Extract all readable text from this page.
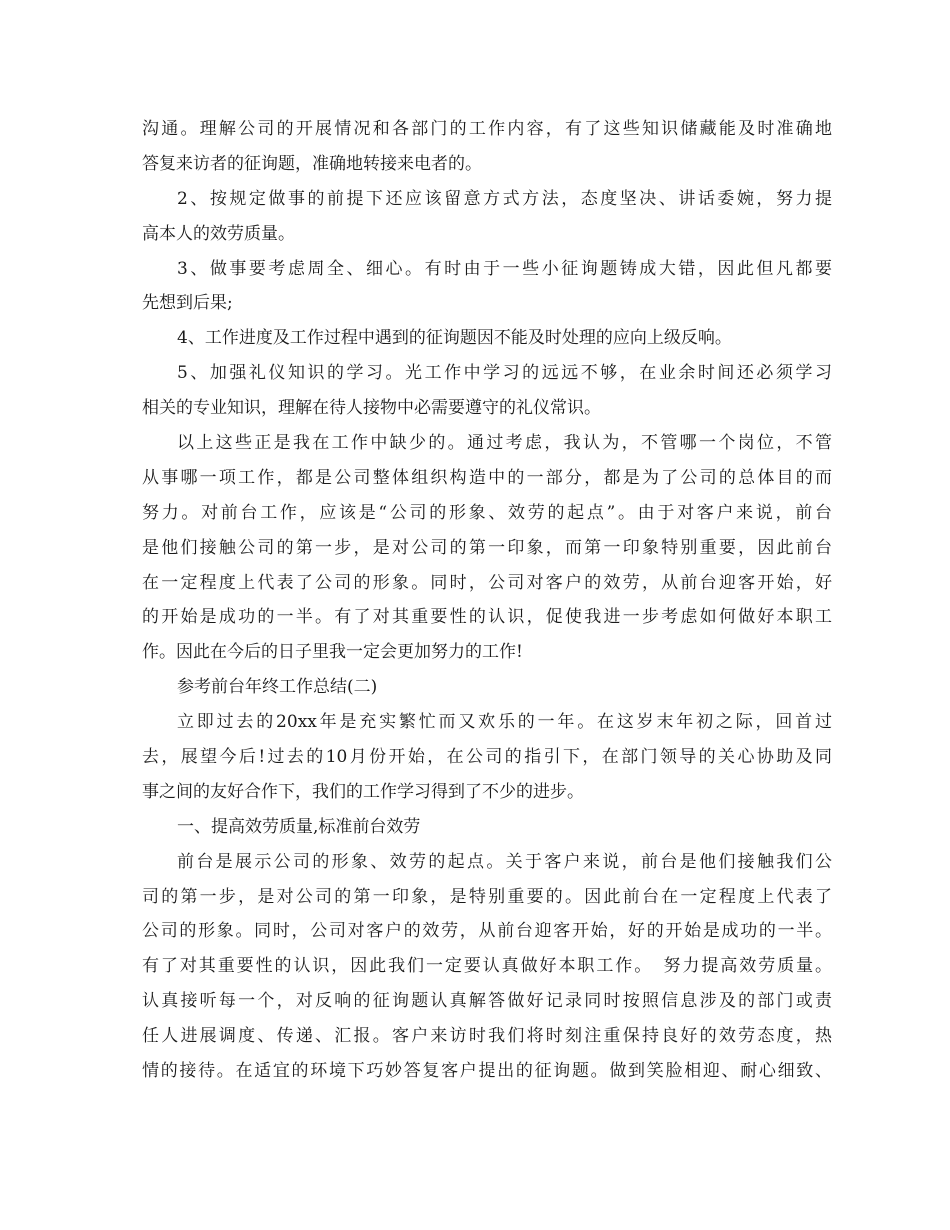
沟通。理解公司的开展情况和各部门的工作内容，有了这些知识储藏能及时准确地
答复来访者的征询题，准确地转接来电者的。
2、按规定做事的前提下还应该留意方式方法，态度坚决、讲话委婉，努力提
高本人的效劳质量。
3、做事要考虑周全、细心。有时由于一些小征询题铸成大错，因此但凡都要
先想到后果;
4、工作进度及工作过程中遇到的征询题因不能及时处理的应向上级反响。
5、加强礼仪知识的学习。光工作中学习的远远不够，在业余时间还必须学习
相关的专业知识，理解在待人接物中必需要遵守的礼仪常识。
以上这些正是我在工作中缺少的。通过考虑，我认为，不管哪一个岗位，不管
从事哪一项工作，都是公司整体组织构造中的一部分，都是为了公司的总体目的而
努力。对前台工作，应该是“公司的形象、效劳的起点”。由于对客户来说，前台
是他们接触公司的第一步，是对公司的第一印象，而第一印象特别重要，因此前台
在一定程度上代表了公司的形象。同时，公司对客户的效劳，从前台迎客开始，好
的开始是成功的一半。有了对其重要性的认识，促使我进一步考虑如何做好本职工
作。因此在今后的日子里我一定会更加努力的工作!
参考前台年终工作总结(二)
立即过去的20xx年是充实繁忙而又欢乐的一年。在这岁末年初之际，回首过
去，展望今后!过去的10月份开始，在公司的指引下，在部门领导的关心协助及同
事之间的友好合作下，我们的工作学习得到了不少的进步。
一、提高效劳质量,标准前台效劳
前台是展示公司的形象、效劳的起点。关于客户来说，前台是他们接触我们公
司的第一步，是对公司的第一印象，是特别重要的。因此前台在一定程度上代表了
公司的形象。同时，公司对客户的效劳，从前台迎客开始，好的开始是成功的一半。
有了对其重要性的认识，因此我们一定要认真做好本职工作。　努力提高效劳质量。
认真接听每一个，对反响的征询题认真解答做好记录同时按照信息涉及的部门或责
任人进展调度、传递、汇报。客户来访时我们将时刻注重保持良好的效劳态度，热
情的接待。在适宜的环境下巧妙答复客户提出的征询题。做到笑脸相迎、耐心细致、
